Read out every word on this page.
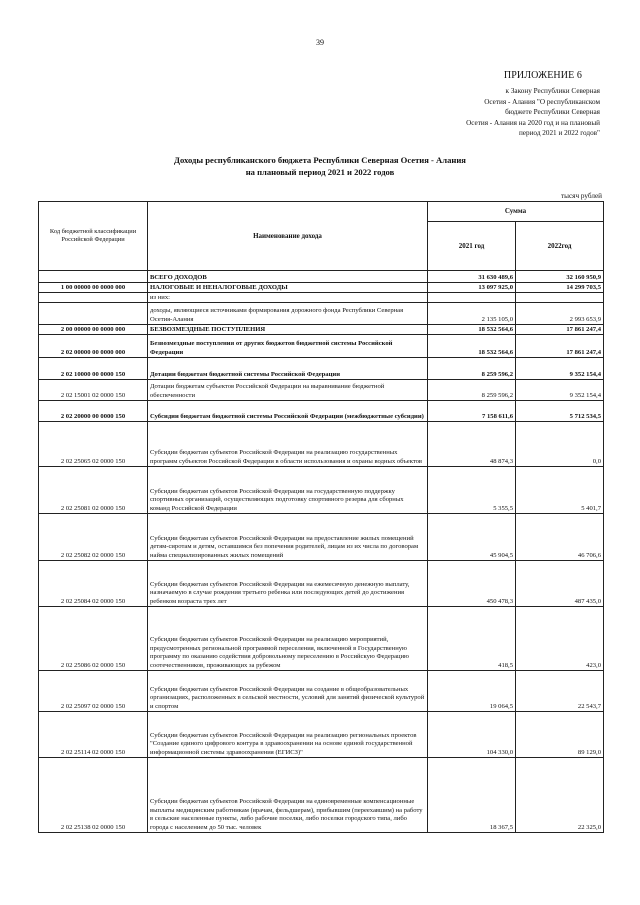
39
ПРИЛОЖЕНИЕ 6
к Закону Республики Северная
Осетия - Алания "О республиканском
бюджете Республики Северная
Осетия - Алания на 2020 год и на плановый
период 2021 и 2022 годов"
Доходы республиканского бюджета Республики Северная Осетия - Алания
на плановый период 2021 и 2022 годов
тысяч рублей
Код бюджетной классификации Российской Федерации	Наименование дохода	Сумма	
		2021 год	2022год
	ВСЕГО ДОХОДОВ	31 630 489,6	32 160 950,9
1 00 00000 00 0000 000	НАЛОГОВЫЕ И НЕНАЛОГОВЫЕ ДОХОДЫ	13 097 925,0	14 299 703,5
	из них:		
	доходы, являющиеся источниками формирования дорожного фонда Республики Северная Осетия-Алания	2 135 105,0	2 993 653,9
2 00 00000 00 0000 000	БЕЗВОЗМЕЗДНЫЕ ПОСТУПЛЕНИЯ	18 532 564,6	17 861 247,4
2 02 00000 00 0000 000	Безвозмездные поступления от других бюджетов бюджетной системы Российской Федерации	18 532 564,6	17 861 247,4
2 02 10000 00 0000 150	Дотации бюджетам бюджетной системы Российской Федерации	8 259 596,2	9 352 154,4
2 02 15001 02 0000 150	Дотации бюджетам субъектов Российской Федерации на выравнивание бюджетной обеспеченности	8 259 596,2	9 352 154,4
2 02 20000 00 0000 150	Субсидии бюджетам бюджетной системы Российской Федерации (межбюджетные субсидии)	7 158 611,6	5 712 534,5
2 02 25065 02 0000 150	Субсидии бюджетам субъектов Российской Федерации на реализацию государственных программ субъектов Российской Федерации в области использования и охраны водных объектов	48 874,3	0,0
2 02 25081 02 0000 150	Субсидии бюджетам субъектов Российской Федерации на государственную поддержку спортивных организаций, осуществляющих подготовку спортивного резерва для сборных команд Российской Федерации	5 355,5	5 401,7
2 02 25082 02 0000 150	Субсидии бюджетам субъектов Российской Федерации на предоставление жилых помещений детям-сиротам и детям, оставшимся без попечения родителей, лицам из их числа по договорам найма специализированных жилых помещений	45 904,5	46 706,6
2 02 25084 02 0000 150	Субсидии бюджетам субъектов Российской Федерации на ежемесячную денежную выплату, назначаемую в случае рождения третьего ребенка или последующих детей до достижения ребенком возраста трех лет	450 478,3	487 435,0
2 02 25086 02 0000 150	Субсидии бюджетам субъектов Российской Федерации на реализацию мероприятий, предусмотренных региональной программой переселения, включенной в Государственную программу по оказанию содействия добровольному переселению в Российскую Федерацию соотечественников, проживающих за рубежом	418,5	423,0
2 02 25097 02 0000 150	Субсидии бюджетам субъектов Российской Федерации на создание в общеобразовательных организациях, расположенных в сельской местности, условий для занятий физической культурой и спортом	19 064,5	22 543,7
2 02 25114 02 0000 150	Субсидии бюджетам субъектов Российской Федерации на реализацию региональных проектов "Создание единого цифрового контура в здравоохранении на основе единой государственной информационной системы здравоохранения (ЕГИСЗ)"	104 330,0	89 129,0
2 02 25138 02 0000 150	Субсидии бюджетам субъектов Российской Федерации на единовременные компенсационные выплаты медицинским работникам (врачам, фельдшерам), прибывшим (переехавшим) на работу в сельские населенные пункты, либо рабочие поселки, либо поселки городского типа, либо города с населением до 50 тыс. человек	18 367,5	22 325,0
